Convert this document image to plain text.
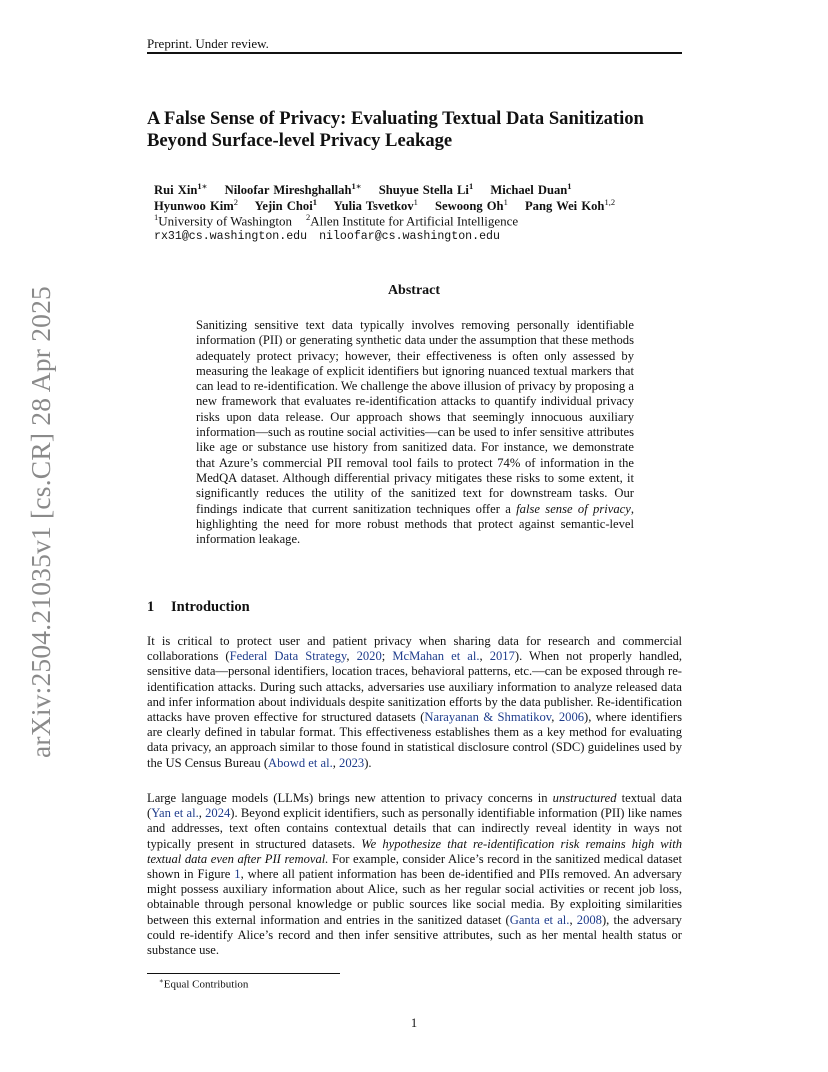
arXiv:2504.21035v1 [cs.CR] 28 Apr 2025
Preprint. Under review.
A False Sense of Privacy: Evaluating Textual Data Sanitization
Beyond Surface-level Privacy Leakage
Rui Xin$^{1∗}$ Niloofar Mireshghallah$^{1∗}$ Shuyue Stella Li$^1$ Michael Duan$^1$
Hyunwoo Kim$^2$ Yejin Choi$^1$ Yulia Tsvetkov$^1$ Sewoong Oh$^1$ Pang Wei Koh$^{1,2}$
$^1$University of Washington $^2$Allen Institute for Artificial Intelligence
rx31@cs.washington.edu niloofar@cs.washington.edu
Abstract
Sanitizing sensitive text data typically involves removing personally identifiable information (PII) or generating synthetic data under the assumption that these methods adequately protect privacy; however, their effectiveness is often only assessed by measuring the leakage of explicit identifiers but ignoring nuanced textual markers that can lead to re-identification. We challenge the above illusion of privacy by proposing a new framework that evaluates re-identification attacks to quantify individual privacy risks upon data release. Our approach shows that seemingly innocuous auxiliary information—such as routine social activities—can be used to infer sensitive attributes like age or substance use history from sanitized data. For instance, we demonstrate that Azure’s commercial PII removal tool fails to protect 74% of information in the MedQA dataset. Although differential privacy mitigates these risks to some extent, it significantly reduces the utility of the sanitized text for downstream tasks. Our findings indicate that current sanitization techniques offer a false sense of privacy, highlighting the need for more robust methods that protect against semantic-level information leakage.
1 Introduction

It is critical to protect user and patient privacy when sharing data for research and commercial collaborations (Federal Data Strategy, 2020; McMahan et al., 2017). When not properly handled, sensitive data—personal identifiers, location traces, behavioral patterns, etc.—can be exposed through re-identification attacks. During such attacks, adversaries use auxiliary information to analyze released data and infer information about individuals despite sanitization efforts by the data publisher. Re-identification attacks have proven effective for structured datasets (Narayanan & Shmatikov, 2006), where identifiers are clearly defined in tabular format. This effectiveness establishes them as a key method for evaluating data privacy, an approach similar to those found in statistical disclosure control (SDC) guidelines used by the US Census Bureau (Abowd et al., 2023).

Large language models (LLMs) brings new attention to privacy concerns in unstructured textual data (Yan et al., 2024). Beyond explicit identifiers, such as personally identifiable information (PII) like names and addresses, text often contains contextual details that can indirectly reveal identity in ways not typically present in structured datasets. We hypothesize that re-identification risk remains high with textual data even after PII removal. For example, consider Alice’s record in the sanitized medical dataset shown in Figure 1, where all patient information has been de-identified and PIIs removed. An adversary might possess auxiliary information about Alice, such as her regular social activities or recent job loss, obtainable through personal knowledge or public sources like social media. By exploiting similarities between this external information and entries in the sanitized dataset (Ganta et al., 2008), the adversary could re-identify Alice’s record and then infer sensitive attributes, such as her mental health status or substance use.

∗Equal Contribution
1
